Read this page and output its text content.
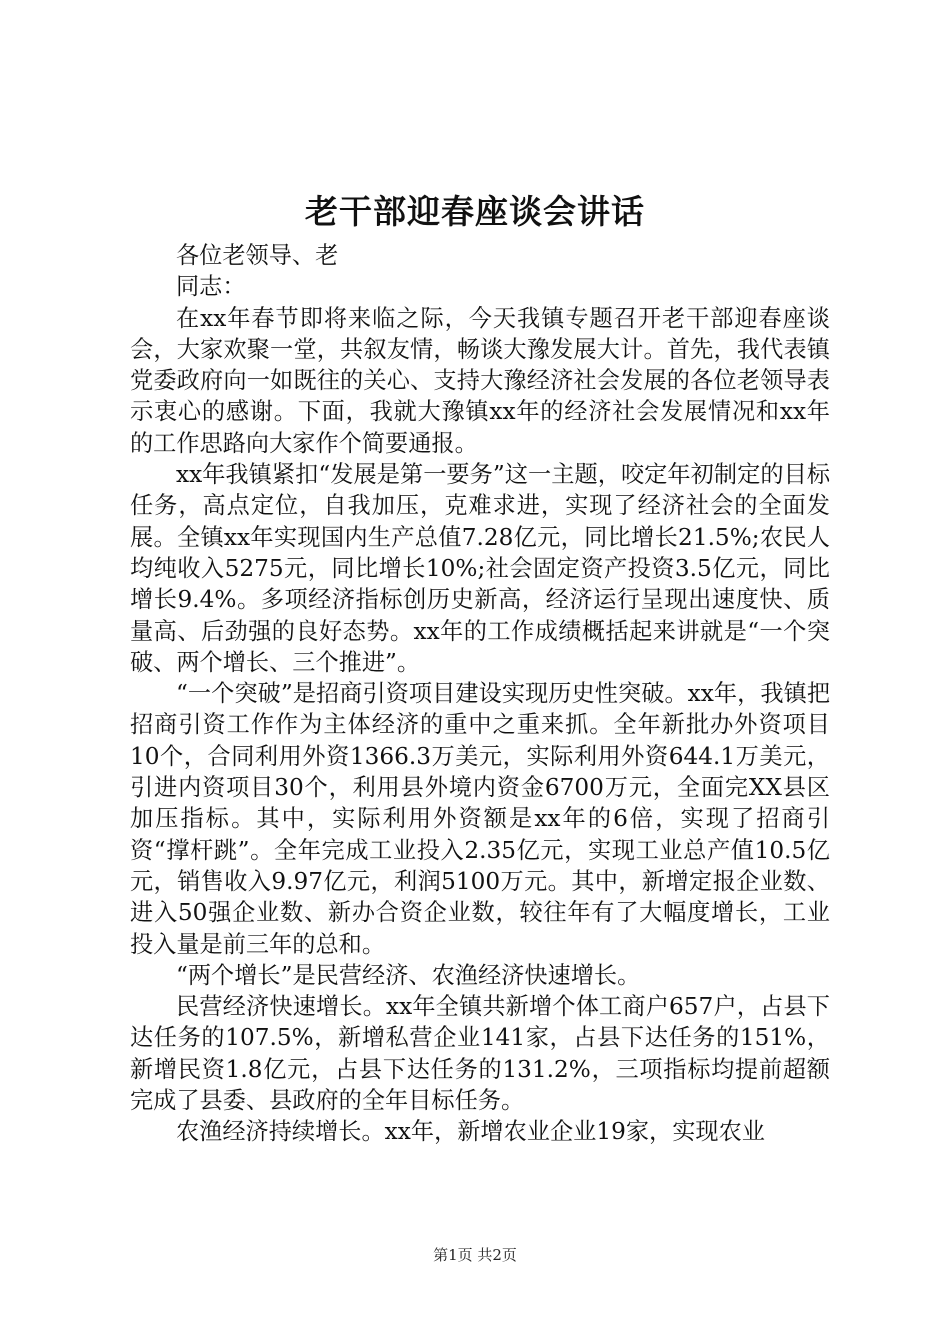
老干部迎春座谈会讲话

各位老领导、老

同志：

在xx年春节即将来临之际，今天我镇专题召开老干部迎春座谈会，大家欢聚一堂，共叙友情，畅谈大豫发展大计。首先，我代表镇党委政府向一如既往的关心、支持大豫经济社会发展的各位老领导表示衷心的感谢。下面，我就大豫镇xx年的经济社会发展情况和xx年的工作思路向大家作个简要通报。

xx年我镇紧扣“发展是第一要务”这一主题，咬定年初制定的目标任务，高点定位，自我加压，克难求进，实现了经济社会的全面发展。全镇xx年实现国内生产总值7.28亿元，同比增长21.5%;农民人均纯收入5275元，同比增长10%;社会固定资产投资3.5亿元，同比增长9.4%。多项经济指标创历史新高，经济运行呈现出速度快、质量高、后劲强的良好态势。xx年的工作成绩概括起来讲就是“一个突破、两个增长、三个推进”。

“一个突破”是招商引资项目建设实现历史性突破。xx年，我镇把招商引资工作作为主体经济的重中之重来抓。全年新批办外资项目10个，合同利用外资1366.3万美元，实际利用外资644.1万美元，引进内资项目30个，利用县外境内资金6700万元，全面完XX县区加压指标。其中，实际利用外资额是xx年的6倍，实现了招商引资“撑杆跳”。全年完成工业投入2.35亿元，实现工业总产值10.5亿元，销售收入9.97亿元，利润5100万元。其中，新增定报企业数、进入50强企业数、新办合资企业数，较往年有了大幅度增长，工业投入量是前三年的总和。

“两个增长”是民营经济、农渔经济快速增长。

民营经济快速增长。xx年全镇共新增个体工商户657户，占县下达任务的107.5%，新增私营企业141家，占县下达任务的151%，新增民资1.8亿元，占县下达任务的131.2%，三项指标均提前超额完成了县委、县政府的全年目标任务。

农渔经济持续增长。xx年，新增农业企业19家，实现农业

第1页 共2页
